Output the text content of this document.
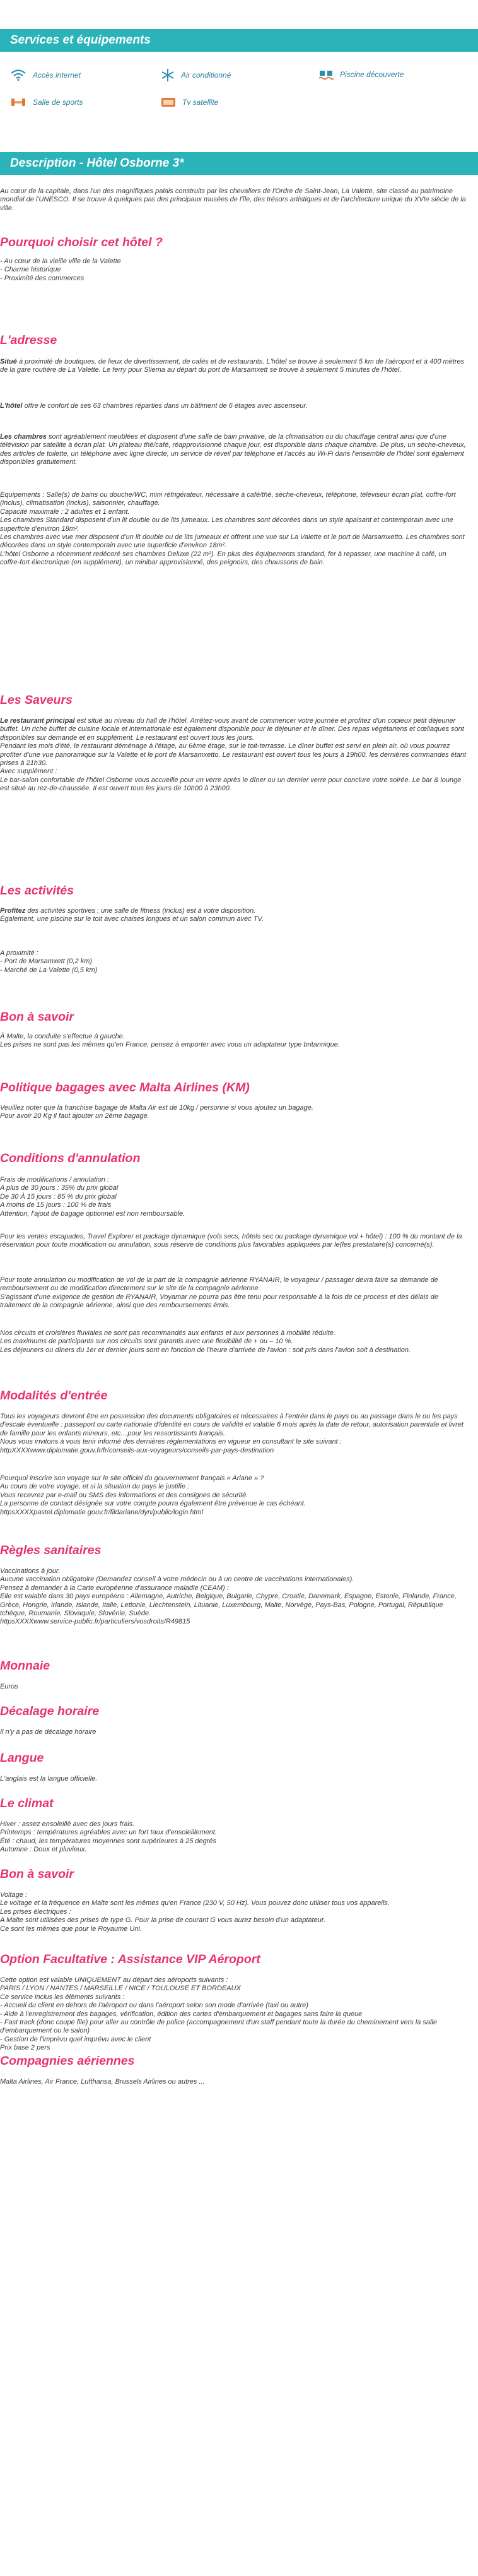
Services et équipements
Accès internet	Air conditionné	Piscine découverte
Salle de sports	Tv satellite
Description - Hôtel Osborne 3*
Au cœur de la capitale, dans l'un des magnifiques palais construits par les chevaliers de l'Ordre de Saint-Jean, La Valette, site classé au patrimoine mondial de l'UNESCO. Il se trouve à quelques pas des principaux musées de l'île, des trésors artistiques et de l'architecture unique du XVIe siècle de la ville.
Pourquoi choisir cet hôtel ?
- Au cœur de la vieille ville de la Valette
- Charme historique
- Proximité des commerces
L'adresse
Situé à proximité de boutiques, de lieux de divertissement, de cafés et de restaurants. L'hôtel se trouve à seulement 5 km de l'aéroport et à 400 mètres de la gare routière de La Valette. Le ferry pour Sliema au départ du port de Marsamxett se trouve à seulement 5 minutes de l'hôtel.
L'hôtel offre le confort de ses 63 chambres réparties dans un bâtiment de 6 étages avec ascenseur.
Les chambres sont agréablement meublées et disposent d'une salle de bain privative, de la climatisation ou du chauffage central ainsi que d'une télévision par satellite à écran plat. Un plateau thé/café, réapprovisionné chaque jour, est disponible dans chaque chambre. De plus, un sèche-cheveux, des articles de toilette, un téléphone avec ligne directe, un service de réveil par téléphone et l'accès au Wi-Fi dans l'ensemble de l'hôtel sont également disponibles gratuitement.
Equipements : Salle(s) de bains ou douche/WC, mini réfrigérateur, nécessaire à café/thé, sèche-cheveux, téléphone, téléviseur écran plat, coffre-fort (inclus), climatisation (inclus), saisonnier, chauffage.
Capacité maximale : 2 adultes et 1 enfant.
Les chambres Standard disposent d'un lit double ou de lits jumeaux. Les chambres sont décorées dans un style apaisant et contemporain avec une superficie d'environ 18m².
Les chambres avec vue mer disposent d'un lit double ou de lits jumeaux et offrent une vue sur La Valette et le port de Marsamxetto. Les chambres sont décorées dans un style contemporain avec une superficie d'environ 18m².
L'hôtel Osborne a récemment redécoré ses chambres Deluxe (22 m²). En plus des équipements standard, fer à repasser, une machine à café, un coffre-fort électronique (en supplément), un minibar approvisionné, des peignoirs, des chaussons de bain.
Les Saveurs
Le restaurant principal est situé au niveau du hall de l'hôtel. Arrêtez-vous avant de commencer votre journée et profitez d'un copieux petit déjeuner buffet. Un riche buffet de cuisine locale et internationale est également disponible pour le déjeuner et le dîner. Des repas végétariens et cœliaques sont disponibles sur demande et en supplément. Le restaurant est ouvert tous les jours.
Pendant les mois d'été, le restaurant déménage à l'étage, au 6ème étage, sur le toit-terrasse. Le dîner buffet est servi en plein air, où vous pourrez profiter d'une vue panoramique sur la Valette et le port de Marsamxetto. Le restaurant est ouvert tous les jours à 19h00, les dernières commandes étant prises à 21h30.
Avec supplément :
Le bar-salon confortable de l'hôtel Osborne vous accueille pour un verre après le dîner ou un dernier verre pour conclure votre soirée. Le bar & lounge est situé au rez-de-chaussée. Il est ouvert tous les jours de 10h00 à 23h00.
Les activités
Profitez des activités sportives : une salle de fitness (inclus) est à votre disposition.
Également, une piscine sur le toit avec chaises longues et un salon commun avec TV.
A proximité :
- Port de Marsamxett (0,2 km)
- Marché de La Valette (0,5 km)
Bon à savoir
À Malte, la conduite s'effectue à gauche.
Les prises ne sont pas les mêmes qu'en France, pensez à emporter avec vous un adaptateur type britannique.
Politique bagages avec Malta Airlines (KM)
Veuillez noter que la franchise bagage de Malta Air est de 10kg / personne si vous ajoutez un bagage.
Pour avoir 20 Kg il faut ajouter un 2ème bagage.
Conditions d'annulation
Frais de modifications / annulation :
A plus de 30 jours : 35% du prix global
De 30 À 15 jours : 85 % du prix global
A moins de 15 jours : 100 % de frais
Attention, l'ajout de bagage optionnel est non remboursable.
Pour les ventes escapades, Travel Explorer et package dynamique (vols secs, hôtels sec ou package dynamique vol + hôtel) : 100 % du montant de la réservation pour toute modification ou annulation, sous réserve de conditions plus favorables appliquées par le(les prestataire(s) concerné(s).
Pour toute annulation ou modification de vol de la part de la compagnie aérienne RYANAIR, le voyageur / passager devra faire sa demande de remboursement ou de modification directement sur le site de la compagnie aérienne.
S'agissant d'une exigence de gestion de RYANAIR, Voyamar ne pourra pas être tenu pour responsable à la fois de ce process et des délais de traitement de la compagnie aérienne, ainsi que des remboursements émis.
Nos circuits et croisières fluviales ne sont pas recommandés aux enfants et aux personnes à mobilité réduite.
Les maximums de participants sur nos circuits sont garantis avec une flexibilité de + ou – 10 %.
Les déjeuners ou dîners du 1er et dernier jours sont en fonction de l'heure d'arrivée de l'avion : soit pris dans l'avion soit à destination.
Modalités d'entrée
Tous les voyageurs devront être en possession des documents obligatoires et nécessaires à l'entrée dans le pays ou au passage dans le ou les pays d'escale éventuelle : passeport ou carte nationale d'identité en cours de validité et valable 6 mois après la date de retour, autorisation parentale et livret de famille pour les enfants mineurs, etc…pour les ressortissants français.
Nous vous invitons à vous tenir informé des dernières réglementations en vigueur en consultant le site suivant : httpXXXXwww.diplomatie.gouv.fr/fr/conseils-aux-voyageurs/conseils-par-pays-destination
Pourquoi inscrire son voyage sur le site officiel du gouvernement français « Ariane » ?
Au cours de votre voyage, et si la situation du pays le justifie :
Vous recevrez par e-mail ou SMS des informations et des consignes de sécurité.
La personne de contact désignée sur votre compte pourra également être prévenue le cas échéant.
httpsXXXXpastel.diplomatie.gouv.fr/fildariane/dyn/public/login.html
Règles sanitaires
Vaccinations à jour.
Aucune vaccination obligatoire (Demandez conseil à votre médecin ou à un centre de vaccinations internationales).
Pensez à demander à la Carte européenne d'assurance maladie (CEAM) :
Elle est valable dans 30 pays européens : Allemagne, Autriche, Belgique, Bulgarie, Chypre, Croatie, Danemark, Espagne, Estonie, Finlande, France, Grèce, Hongrie, Irlande, Islande, Italie, Lettonie, Liechtenstein, Lituanie, Luxembourg, Malte, Norvège, Pays-Bas, Pologne, Portugal, République tchèque, Roumanie, Slovaquie, Slovénie, Suède.
httpsXXXXwww.service-public.fr/particuliers/vosdroits/R49815
Monnaie
Euros
Décalage horaire
Il n'y a pas de décalage horaire
Langue
L'anglais est la langue officielle.
Le climat
Hiver : assez ensoleillé avec des jours frais.
Printemps : températures agréables avec un fort taux d'ensoleillement.
Été : chaud, les températures moyennes sont supérieures à 25 degrés
Automne : Doux et pluvieux.
Bon à savoir
Voltage :
Le voltage et la fréquence en Malte sont les mêmes qu'en France (230 V, 50 Hz). Vous pouvez donc utiliser tous vos appareils.
Les prises électriques :
A Malte sont utilisées des prises de type G. Pour la prise de courant G vous aurez besoin d'un adaptateur.
Ce sont les mêmes que pour le Royaume Uni.
Option Facultative : Assistance VIP Aéroport
Cette option est valable UNIQUEMENT au départ des aéroports suivants :
PARIS / LYON / NANTES / MARSEILLE / NICE / TOULOUSE ET BORDEAUX
Ce service inclus les éléments suivants :
- Accueil du client en dehors de l'aéroport ou dans l'aéroport selon son mode d'arrivée (taxi ou autre)
- Aide à l'enregistrement des bagages, vérification, édition des cartes d'embarquement et bagages sans faire la queue
- Fast track (donc coupe file) pour aller au contrôle de police (accompagnement d'un staff pendant toute la durée du cheminement vers la salle d'embarquement ou le salon)
- Gestion de l'imprévu quel imprévu avec le client
Prix base 2 pers
Compagnies aériennes
Malta Airlines, Air France, Lufthansa, Brussels Airlines ou autres ...
